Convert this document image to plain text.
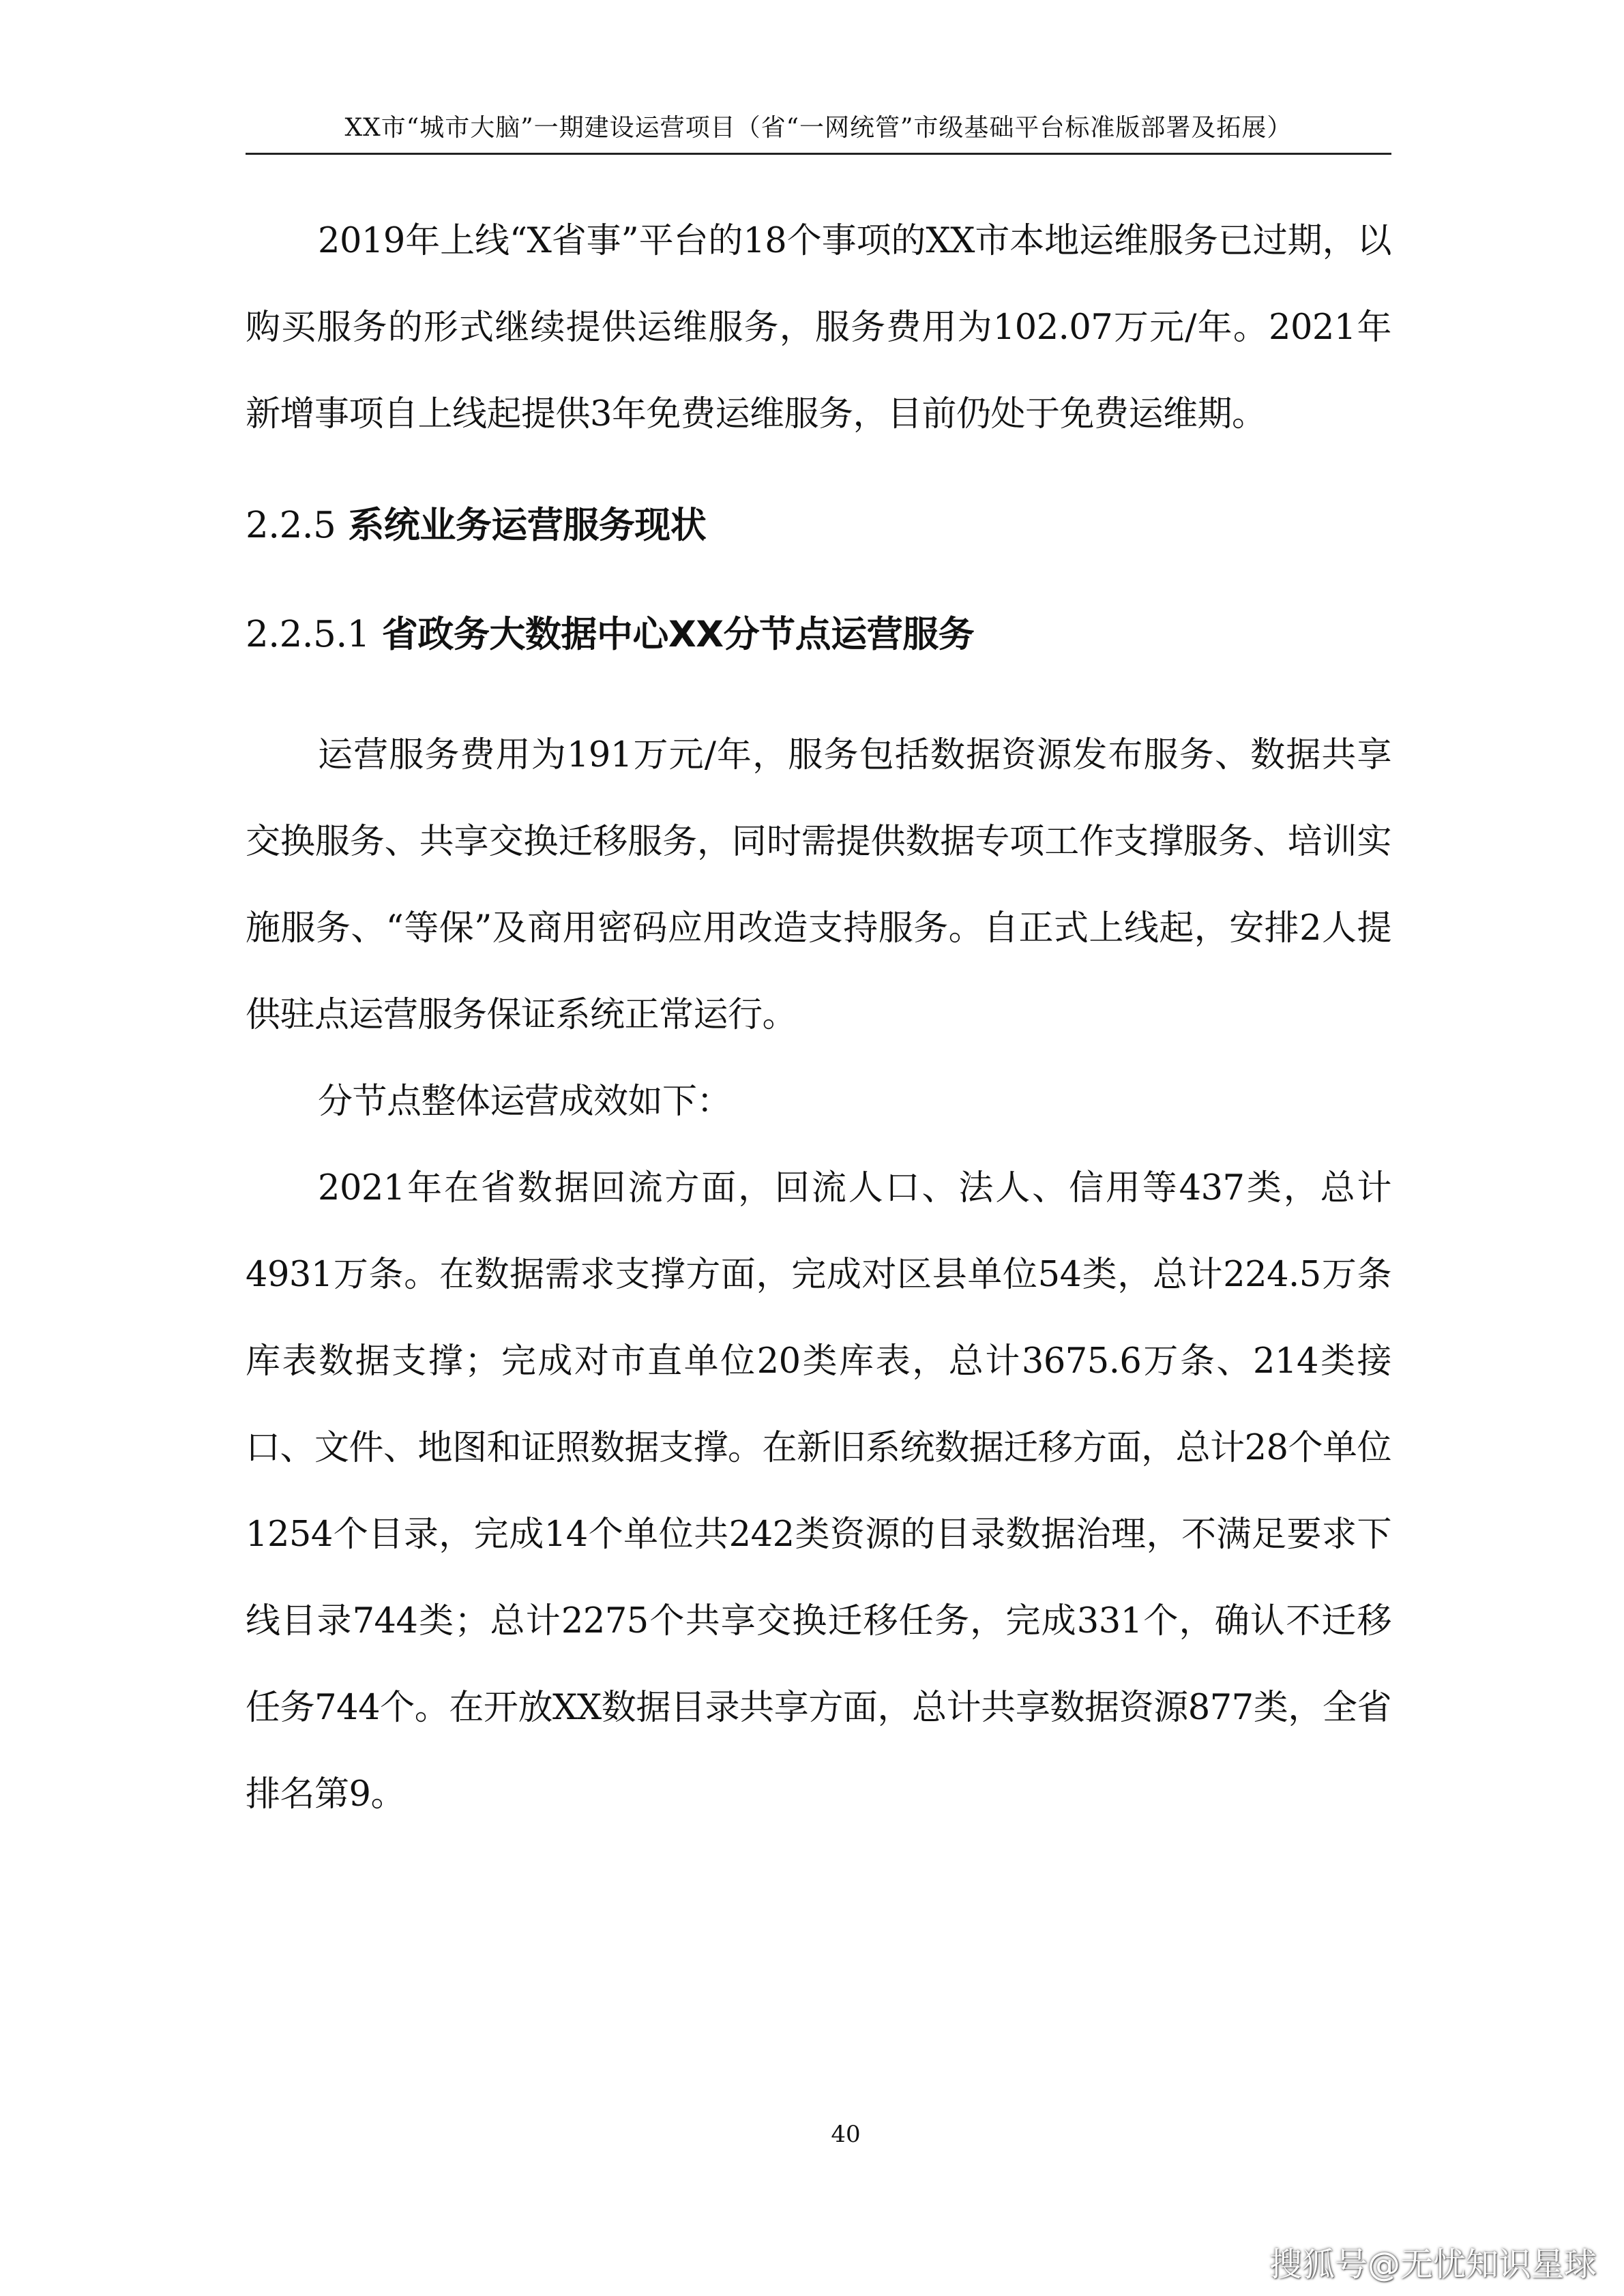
XX市“城市大脑”一期建设运营项目（省“一网统管”市级基础平台标准版部署及拓展）

2019年上线“X省事”平台的18个事项的XX市本地运维服务已过期，以购买服务的形式继续提供运维服务，服务费用为102.07万元/年。2021年新增事项自上线起提供3年免费运维服务，目前仍处于免费运维期。

2.2.5 系统业务运营服务现状
2.2.5.1 省政务大数据中心XX分节点运营服务

运营服务费用为191万元/年，服务包括数据资源发布服务、数据共享交换服务、共享交换迁移服务，同时需提供数据专项工作支撑服务、培训实施服务、“等保”及商用密码应用改造支持服务。自正式上线起，安排2人提供驻点运营服务保证系统正常运行。

分节点整体运营成效如下：

2021年在省数据回流方面，回流人口、法人、信用等437类，总计4931万条。在数据需求支撑方面，完成对区县单位54类，总计224.5万条库表数据支撑；完成对市直单位20类库表，总计3675.6万条、214类接口、文件、地图和证照数据支撑。在新旧系统数据迁移方面，总计28个单位1254个目录，完成14个单位共242类资源的目录数据治理，不满足要求下线目录744类；总计2275个共享交换迁移任务，完成331个，确认不迁移任务744个。在开放XX数据目录共享方面，总计共享数据资源877类，全省排名第9。

40
搜狐号@无忧知识星球
